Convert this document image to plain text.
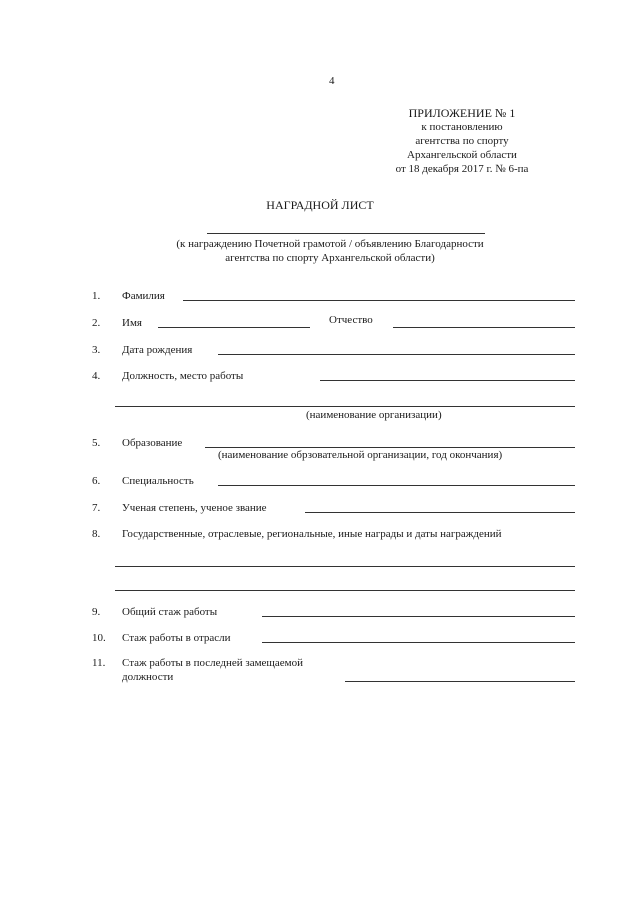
4
ПРИЛОЖЕНИЕ № 1
к постановлению
агентства по спорту
Архангельской области
от 18 декабря 2017 г. № 6-па
НАГРАДНОЙ ЛИСТ
(к награждению Почетной грамотой / объявлению Благодарности
агентства по спорту Архангельской области)
1. Фамилия
2. Имя	Отчество
3. Дата рождения
4. Должность, место работы
(наименование организации)
5. Образование
(наименование обрзовательной организации, год окончания)
6. Специальность
7. Ученая степень, ученое звание
8. Государственные, отраслевые, региональные, иные награды и даты награждений
9. Общий стаж работы
10. Стаж работы в отрасли
11. Стаж работы в последней замещаемой
должности
